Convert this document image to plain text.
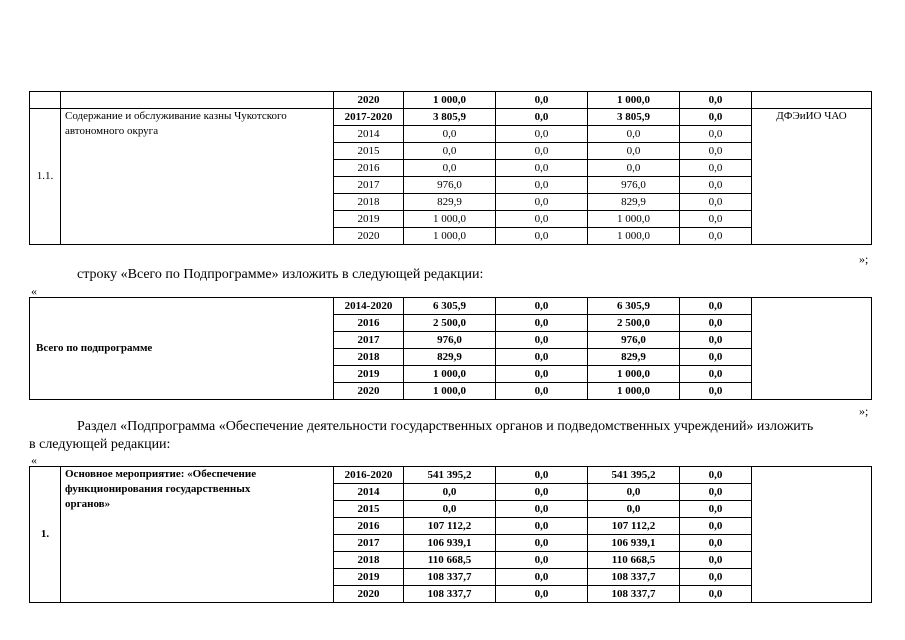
		2020	1 000,0	0,0	1 000,0	0,0	
1.1.	Содержание и обслуживание казны Чукотского автономного округа	2017-2020	3 805,9	0,0	3 805,9	0,0	ДФЭиИО ЧАО
		2014	0,0	0,0	0,0	0,0	
		2015	0,0	0,0	0,0	0,0	
		2016	0,0	0,0	0,0	0,0	
		2017	976,0	0,0	976,0	0,0	
		2018	829,9	0,0	829,9	0,0	
		2019	1 000,0	0,0	1 000,0	0,0	
		2020	1 000,0	0,0	1 000,0	0,0	
»;
строку «Всего по Подпрограмме» изложить в следующей редакции:
«
Всего по подпрограмме	2014-2020	6 305,9	0,0	6 305,9	0,0	
	2016	2 500,0	0,0	2 500,0	0,0	
	2017	976,0	0,0	976,0	0,0	
	2018	829,9	0,0	829,9	0,0	
	2019	1 000,0	0,0	1 000,0	0,0	
	2020	1 000,0	0,0	1 000,0	0,0	
»;
Раздел «Подпрограмма «Обеспечение деятельности государственных органов и подведомственных учреждений» изложить
в следующей редакции:
«
1.	Основное мероприятие: «Обеспечение
функционирования государственных
органов»	2016-2020	541 395,2	0,0	541 395,2	0,0	
		2014	0,0	0,0	0,0	0,0	
		2015	0,0	0,0	0,0	0,0	
		2016	107 112,2	0,0	107 112,2	0,0	
		2017	106 939,1	0,0	106 939,1	0,0	
		2018	110 668,5	0,0	110 668,5	0,0	
		2019	108 337,7	0,0	108 337,7	0,0	
		2020	108 337,7	0,0	108 337,7	0,0	
